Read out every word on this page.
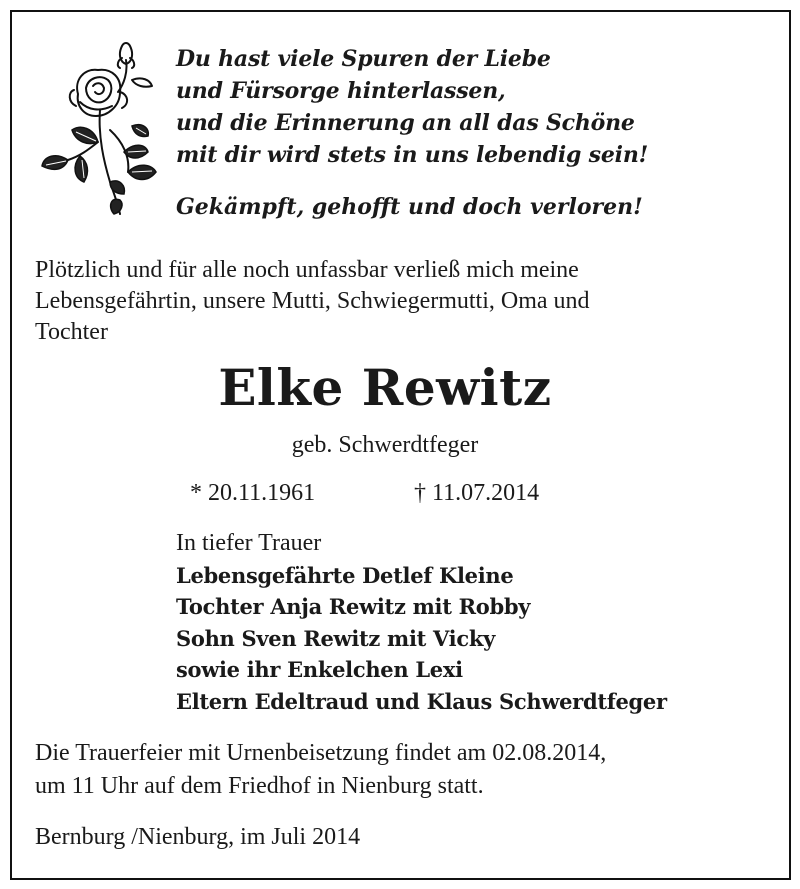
Du hast viele Spuren der Liebe
und Fürsorge hinterlassen,
und die Erinnerung an all das Schöne
mit dir wird stets in uns lebendig sein!
Gekämpft, gehofft und doch verloren!
Plötzlich und für alle noch unfassbar verließ mich meine
Lebensgefährtin, unsere Mutti, Schwiegermutti, Oma und
Tochter
Elke Rewitz
geb. Schwerdtfeger
* 20.11.1961	† 11.07.2014
In tiefer Trauer
Lebensgefährte Detlef Kleine
Tochter Anja Rewitz mit Robby
Sohn Sven Rewitz mit Vicky
sowie ihr Enkelchen Lexi
Eltern Edeltraud und Klaus Schwerdtfeger
Die Trauerfeier mit Urnenbeisetzung findet am 02.08.2014,
um 11 Uhr auf dem Friedhof in Nienburg statt.
Bernburg /Nienburg, im Juli 2014
